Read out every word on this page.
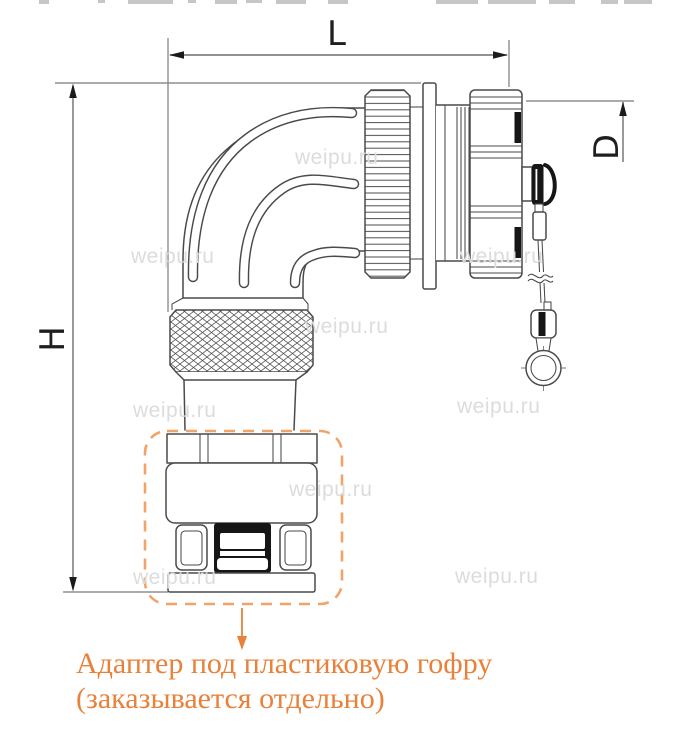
L
H
D
weipu.ru
weipu.ru	weipu.ru
weipu.ru
weipu.ru	weipu.ru
weipu.ru
weipu.ru	weipu.ru
Адаптер под пластиковую гофру
(заказывается отдельно)
